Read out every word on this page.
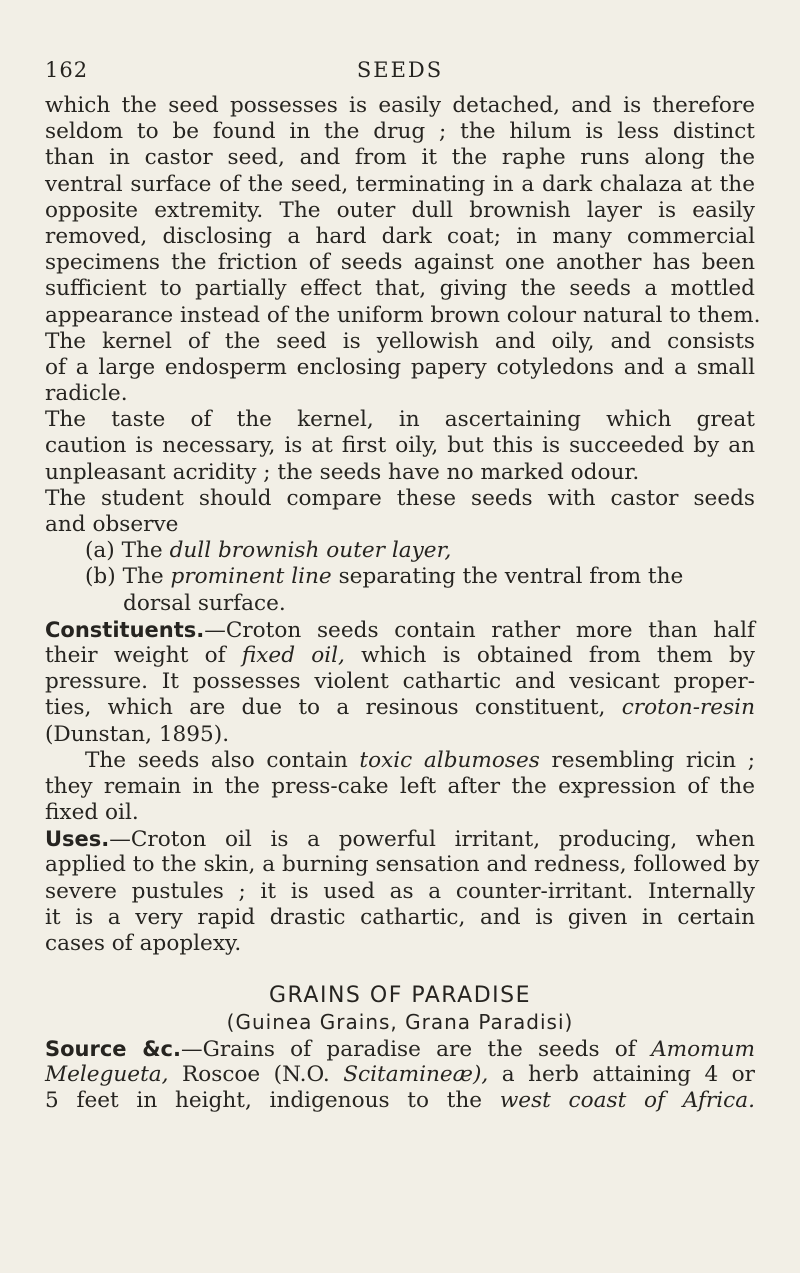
162	SEEDS
which the seed possesses is easily detached, and is therefore
seldom to be found in the drug ; the hilum is less distinct
than in castor seed, and from it the raphe runs along the
ventral surface of the seed, terminating in a dark chalaza at the
opposite extremity. The outer dull brownish layer is easily
removed, disclosing a hard dark coat; in many commercial
specimens the friction of seeds against one another has been
sufficient to partially effect that, giving the seeds a mottled
appearance instead of the uniform brown colour natural to them.
The kernel of the seed is yellowish and oily, and consists
of a large endosperm enclosing papery cotyledons and a small
radicle.
The taste of the kernel, in ascertaining which great
caution is necessary, is at first oily, but this is succeeded by an
unpleasant acridity ; the seeds have no marked odour.
The student should compare these seeds with castor seeds
and observe
(a) The dull brownish outer layer,
(b) The prominent line separating the ventral from the
dorsal surface.
Constituents.—Croton seeds contain rather more than half
their weight of fixed oil, which is obtained from them by
pressure. It possesses violent cathartic and vesicant proper-
ties, which are due to a resinous constituent, croton-resin
(Dunstan, 1895).
The seeds also contain toxic albumoses resembling ricin ;
they remain in the press-cake left after the expression of the
fixed oil.
Uses.—Croton oil is a powerful irritant, producing, when
applied to the skin, a burning sensation and redness, followed by
severe pustules ; it is used as a counter-irritant. Internally
it is a very rapid drastic cathartic, and is given in certain
cases of apoplexy.
GRAINS OF PARADISE
(Guinea Grains, Grana Paradisi)
Source &c.—Grains of paradise are the seeds of Amomum
Melegueta, Roscoe (N.O. Scitamineæ), a herb attaining 4 or
5 feet in height, indigenous to the west coast of Africa.
